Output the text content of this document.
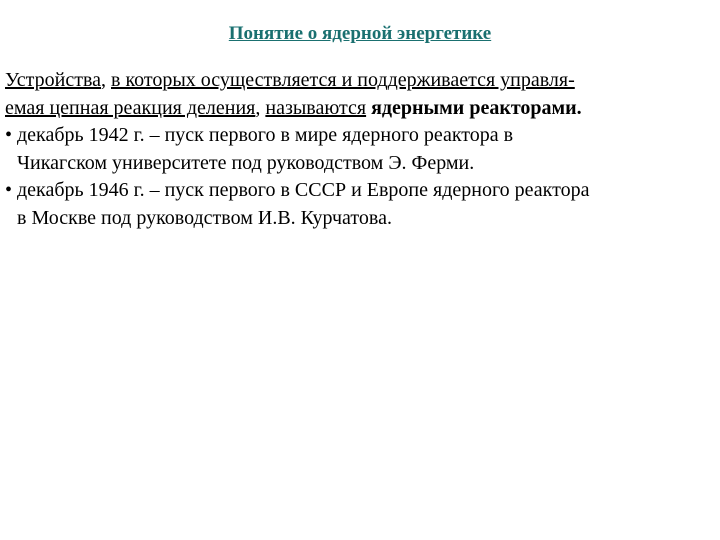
Понятие о ядерной энергетике
Устройства, в которых осуществляется и поддерживается управля-
емая цепная реакция деления, называются ядерными реакторами.
• декабрь 1942 г. – пуск первого в мире ядерного реактора в
Чикагском университете под руководством Э. Ферми.
• декабрь 1946 г. – пуск первого в СССР и Европе ядерного реактора
в Москве под руководством И.В. Курчатова.
